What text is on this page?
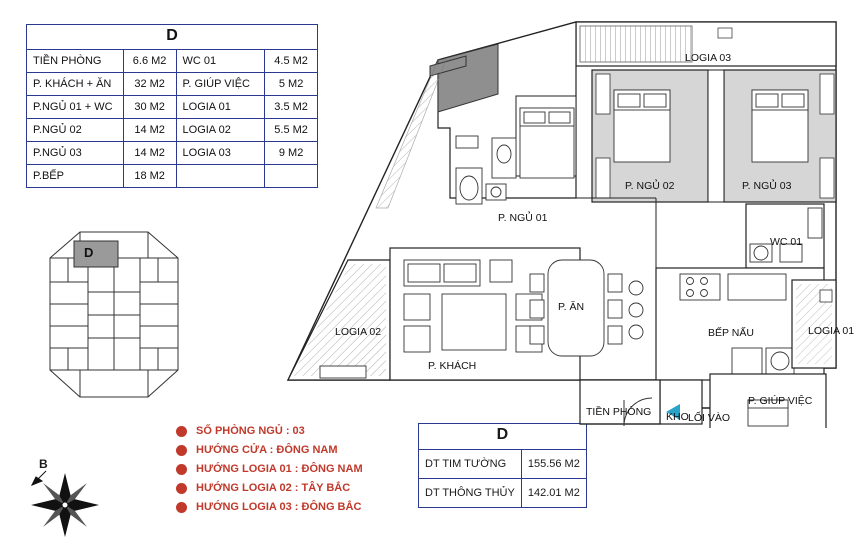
D			
TIỀN PHÒNG	6.6 M2	WC 01	4.5 M2
P. KHÁCH + ĂN	32 M2	P. GIÚP VIỆC	5 M2
P.NGỦ 01 + WC	30 M2	LOGIA 01	3.5 M2
P.NGỦ 02	14 M2	LOGIA 02	5.5 M2
P.NGỦ 03	14 M2	LOGIA 03	9 M2
P.BẾP	18 M2		
D
SỐ PHÒNG NGỦ : 03
HƯỚNG CỬA : ĐÔNG NAM
HƯỚNG LOGIA 01 : ĐÔNG NAM
HƯỚNG LOGIA 02 : TÂY BẮC
HƯỚNG LOGIA 03 : ĐÔNG BẮC
D	
DT TIM TƯỜNG	155.56 M2
DT THÔNG THỦY	142.01 M2
B
LOGIA 03
P. NGỦ 02	P. NGỦ 03
P. NGỦ 01
WC 01
P. ĂN
BẾP NẤU	LOGIA 01
LOGIA 02
P. KHÁCH
P. GIÚP VIỆC
TIỀN PHÒNG KHO LỐI VÀO
